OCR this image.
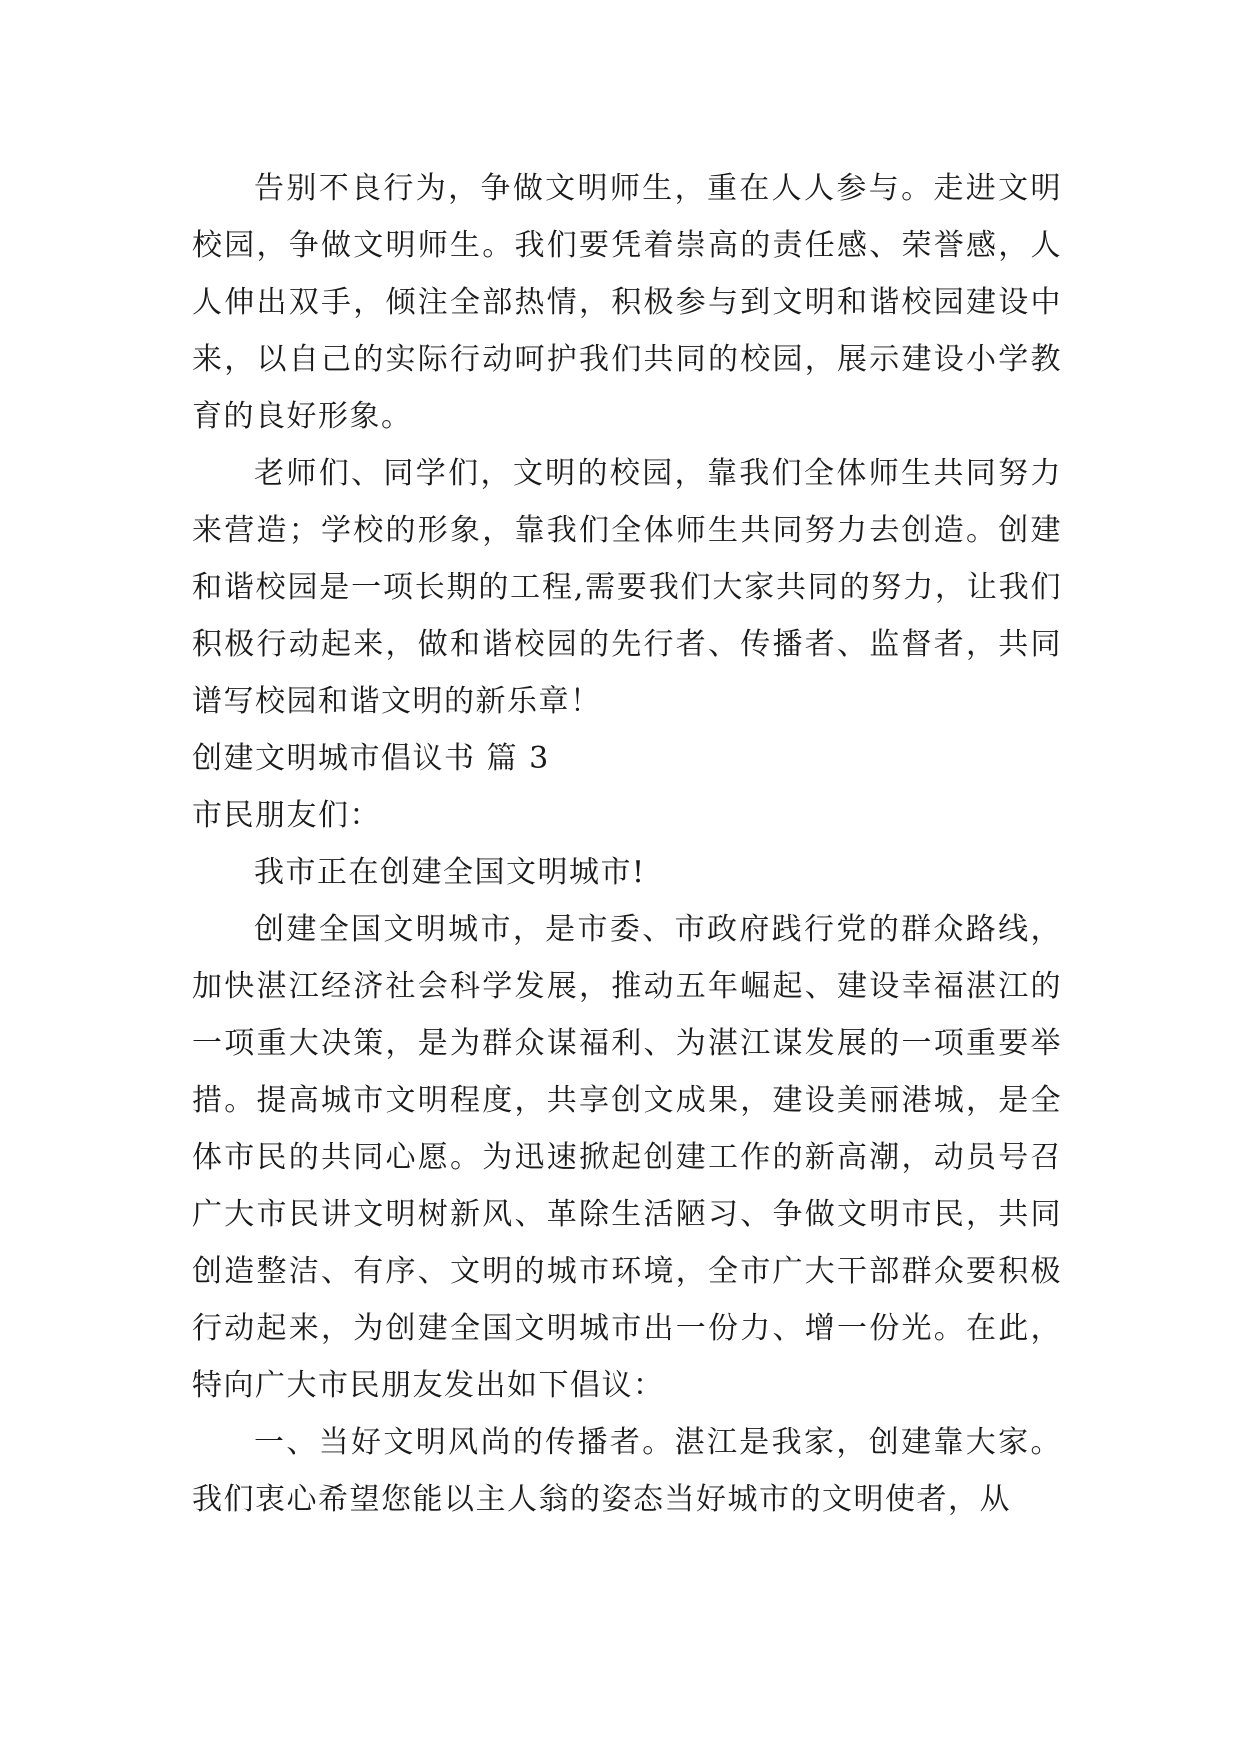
告别不良行为，争做文明师生，重在人人参与。走进文明校园，争做文明师生。我们要凭着崇高的责任感、荣誉感，人人伸出双手，倾注全部热情，积极参与到文明和谐校园建设中来，以自己的实际行动呵护我们共同的校园，展示建设小学教育的良好形象。

老师们、同学们，文明的校园，靠我们全体师生共同努力来营造；学校的形象，靠我们全体师生共同努力去创造。创建和谐校园是一项长期的工程,需要我们大家共同的努力，让我们积极行动起来，做和谐校园的先行者、传播者、监督者，共同谱写校园和谐文明的新乐章！

创建文明城市倡议书 篇 3

市民朋友们：

我市正在创建全国文明城市!

创建全国文明城市，是市委、市政府践行党的群众路线，加快湛江经济社会科学发展，推动五年崛起、建设幸福湛江的一项重大决策，是为群众谋福利、为湛江谋发展的一项重要举措。提高城市文明程度，共享创文成果，建设美丽港城，是全体市民的共同心愿。为迅速掀起创建工作的新高潮，动员号召广大市民讲文明树新风、革除生活陋习、争做文明市民，共同创造整洁、有序、文明的城市环境，全市广大干部群众要积极行动起来，为创建全国文明城市出一份力、增一份光。在此，特向广大市民朋友发出如下倡议：

一、当好文明风尚的传播者。湛江是我家，创建靠大家。我们衷心希望您能以主人翁的姿态当好城市的文明使者，从
